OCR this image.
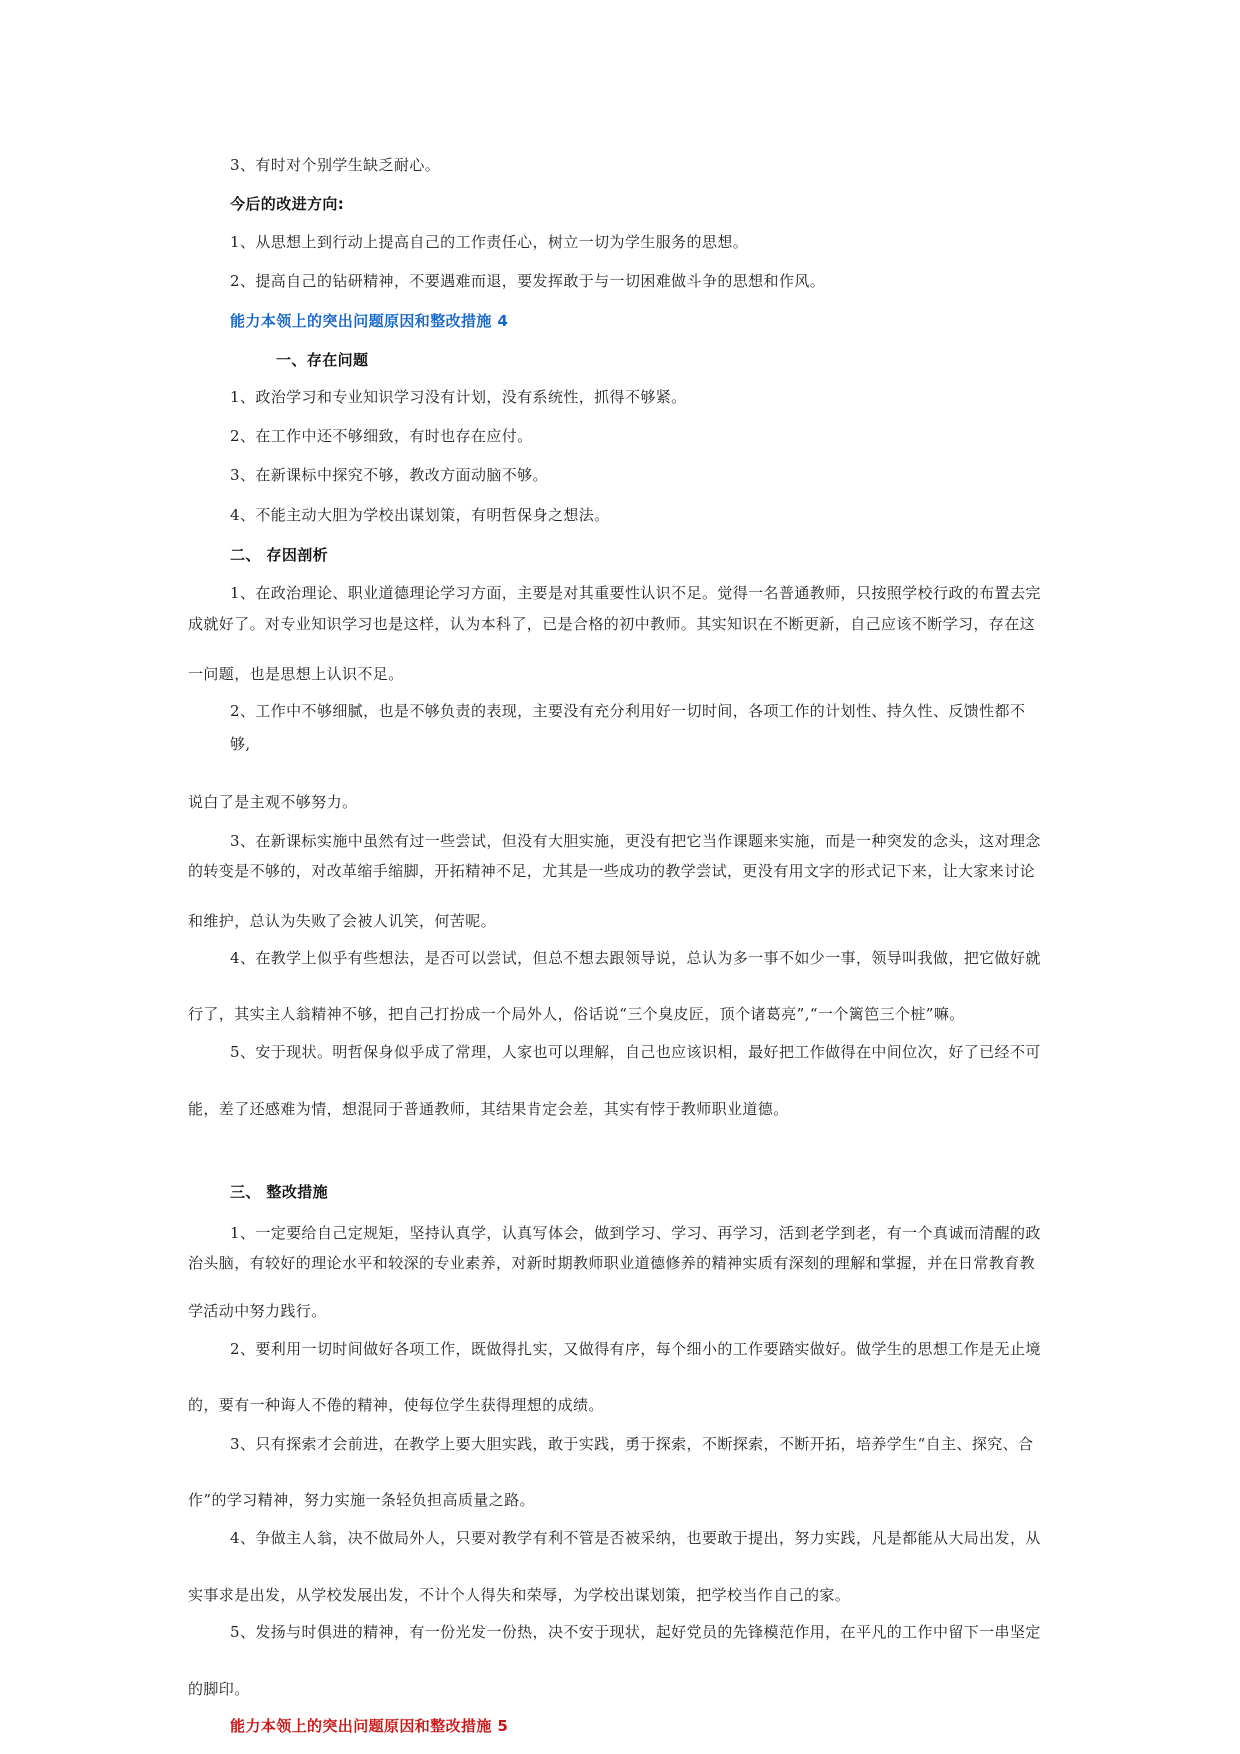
3、有时对个别学生缺乏耐心。
今后的改进方向:
1、从思想上到行动上提高自己的工作责任心，树立一切为学生服务的思想。
2、提高自己的钻研精神，不要遇难而退，要发挥敢于与一切困难做斗争的思想和作风。
能力本领上的突出问题原因和整改措施 4
一、存在问题
1、政治学习和专业知识学习没有计划，没有系统性，抓得不够紧。
2、在工作中还不够细致，有时也存在应付。
3、在新课标中探究不够，教改方面动脑不够。
4、不能主动大胆为学校出谋划策，有明哲保身之想法。
二、 存因剖析
1、在政治理论、职业道德理论学习方面，主要是对其重要性认识不足。觉得一名普通教师，只按照学校行政的布置去完
成就好了。对专业知识学习也是这样，认为本科了，已是合格的初中教师。其实知识在不断更新，自己应该不断学习，存在这
一问题，也是思想上认识不足。
2、工作中不够细腻，也是不够负责的表现，主要没有充分利用好一切时间，各项工作的计划性、持久性、反馈性都不
够,
说白了是主观不够努力。
3、在新课标实施中虽然有过一些尝试，但没有大胆实施，更没有把它当作课题来实施，而是一种突发的念头，这对理念
的转变是不够的，对改革缩手缩脚，开拓精神不足，尤其是一些成功的教学尝试，更没有用文字的形式记下来，让大家来讨论
和维护，总认为失败了会被人讥笑，何苦呢。
4、在教学上似乎有些想法，是否可以尝试，但总不想去跟领导说，总认为多一事不如少一事，领导叫我做，把它做好就
行了，其实主人翁精神不够，把自己打扮成一个局外人，俗话说“三个臭皮匠，顶个诸葛亮”,“一个篱笆三个桩”嘛。
5、安于现状。明哲保身似乎成了常理，人家也可以理解，自己也应该识相，最好把工作做得在中间位次，好了已经不可
能，差了还感难为情，想混同于普通教师，其结果肯定会差，其实有悖于教师职业道德。
三、 整改措施
1、一定要给自己定规矩，坚持认真学，认真写体会，做到学习、学习、再学习，活到老学到老，有一个真诚而清醒的政
治头脑，有较好的理论水平和较深的专业素养，对新时期教师职业道德修养的精神实质有深刻的理解和掌握，并在日常教育教
学活动中努力践行。
2、要利用一切时间做好各项工作，既做得扎实，又做得有序，每个细小的工作要踏实做好。做学生的思想工作是无止境
的，要有一种诲人不倦的精神，使每位学生获得理想的成绩。
3、只有探索才会前进，在教学上要大胆实践，敢于实践，勇于探索，不断探索，不断开拓，培养学生“自主、探究、合
作”的学习精神，努力实施一条轻负担高质量之路。
4、争做主人翁，决不做局外人，只要对教学有利不管是否被采纳，也要敢于提出，努力实践，凡是都能从大局出发，从
实事求是出发，从学校发展出发，不计个人得失和荣辱，为学校出谋划策，把学校当作自己的家。
5、发扬与时俱进的精神，有一份光发一份热，决不安于现状，起好党员的先锋模范作用，在平凡的工作中留下一串坚定
的脚印。
能力本领上的突出问题原因和整改措施 5
